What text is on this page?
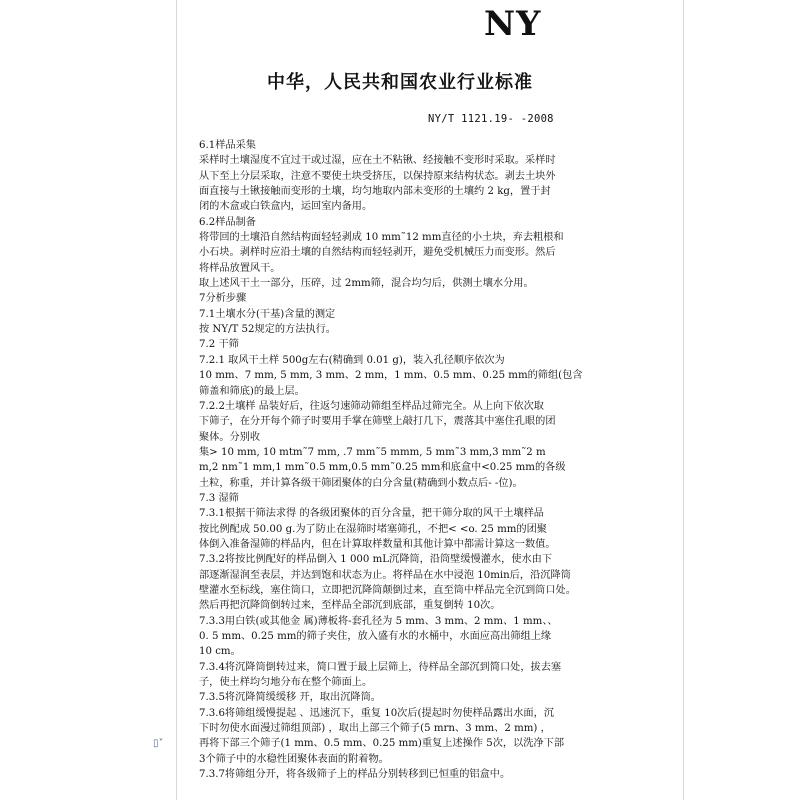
NY
中华，人民共和国农业行业标准
NY/T 1121.19- -2008
6.1样品采集
采样时土壤湿度不宜过干或过湿，应在土不粘锹、经接触不变形时采取。采样时
从下至上分层采取，注意不要使土块受挤压，以保持原来结构状态。剥去土块外
面直接与土锹接触而变形的土壤，均匀地取内部未变形的土壤约 2 kg，置于封
闭的木盒或白铁盒内，运回室内备用。
6.2样品制备
将带回的土壤沿自然结构面轻轻剥成 10 mm˜12 mm直径的小土块，弃去粗根和
小石块。剥样时应沿土壤的自然结构而轻轻剥开，避免受机械压力而变形。然后
将样品放置风干。
取上述风干土一部分，压碎，过 2mm筛，混合均匀后，供测土壤水分用。
7分析步骤
7.1土壤水分(干基)含量的测定
按 NY/T 52规定的方法执行。
7.2 干筛
7.2.1 取风干土样 500g左右(精确到 0.01 g)，装入孔径顺序依次为
10 mm、7 mm, 5 mm, 3 mm、2 mm，1 mm、0.5 mm、0.25 mm的筛组(包含
筛盖和筛底)的最上层。
7.2.2土壤样 品装好后，往返匀速筛动筛组至样品过筛完全。从上向下依次取
下筛子，在分开每个筛子时要用手掌在筛壁上敲打几下，震落其中塞住孔眼的团
聚体。分别收
集> 10 mm, 10 mtm˜7 mm, .7 mm˜5 mmm, 5 mm˜3 mm,3 mm˜2 m
m,2 nm˜1 mm,1 mm˜0.5 mm,0.5 mm˜0.25 mm和底盒中<0.25 mm的各级
土粒，称重，并计算各级干筛团聚体的白分含量(精确到小数点后- -位)。
7.3 湿筛
7.3.1根据干筛法求得 的各级团聚体的百分含量，把干筛分取的风干土壤样品
按比例配成 50.00 g.为了防止在湿筛时堵塞筛孔，不把< <o. 25 mm的团聚
体倒入准备湿筛的样品内，但在计算取样数量和其他计算中都需计算这一数值。
7.3.2将按比例配好的样品倒入 1 000 mL沉降筒，沿筒壁缓慢灌水，使水由下
部逐渐湿润至表层，并达到饱和状态为止。将样品在水中浸泡 10min后，沿沉降筒
壁灌水至标线，塞住筒口，立即把沉降筒颠倒过来，直至筒中样品完全沉到筒口处。
然后再把沉降筒倒转过来，至样品全部沉到底部，重复倒转 10次。
7.3.3用白铁(或其他金 属)薄板将-套孔径为 5 mm、3 mm、2 mm、1 mm、、
0. 5 mm、0.25 mm的筛子夹住，放入盛有水的水桶中，水面应高出筛组上缘
10 cm。
7.3.4将沉降筒倒转过来，简口置于最上层筛上，待样品全部沉到简口处，拔去塞
子，使土样均匀地分布在整个筛面上。
7.3.5将沉降简缓缓移 开，取出沉降筒。
7.3.6将筛组缓慢提起 、迅速沉下，重复 10次后(提起时勿使样品露出水面，沉
下时勿使水面漫过筛组顶部) ，取出上部三个筛子(5 mrn、3 mm、2 mm) ，
再将下部三个筛子(1 mm、0.5 mm、0.25 mm)重复上述操作 5次，以洗净下部
3个筛子中的水稳性团聚体表面的附着物。
7.3.7将筛组分开，将各级筛子上的样品分别转移到已恒重的铝盒中。
▯˅
